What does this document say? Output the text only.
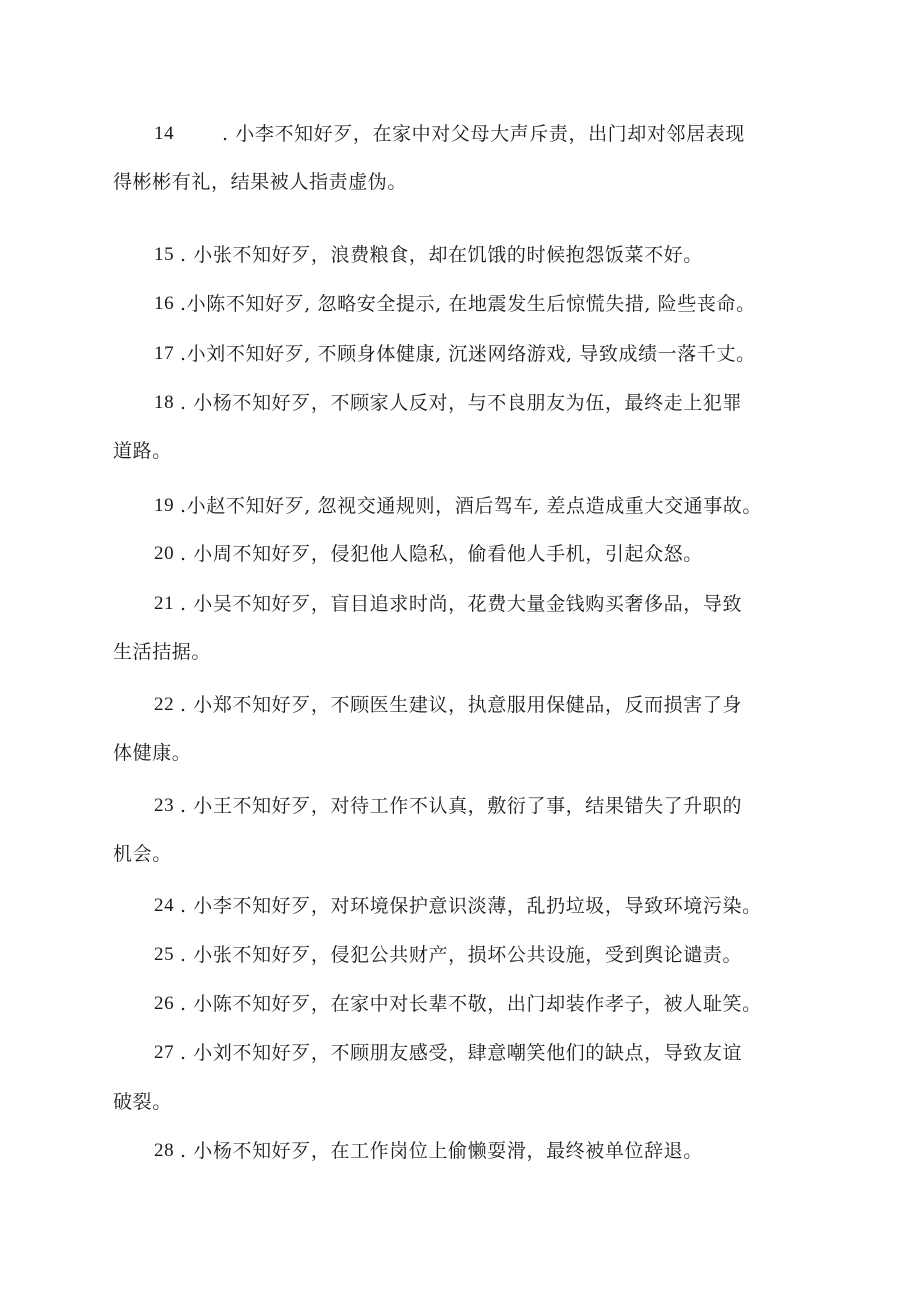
14	. 小李不知好歹，在家中对父母大声斥责，出门却对邻居表现
得彬彬有礼，结果被人指责虚伪。
15 . 小张不知好歹，浪费粮食，却在饥饿的时候抱怨饭菜不好。
16 .小陈不知好歹, 忽略安全提示, 在地震发生后惊慌失措, 险些丧命。
17 .小刘不知好歹, 不顾身体健康, 沉迷网络游戏, 导致成绩一落千丈。
18 . 小杨不知好歹，不顾家人反对，与不良朋友为伍，最终走上犯罪
道路。
19 .小赵不知好歹, 忽视交通规则，酒后驾车, 差点造成重大交通事故。
20 . 小周不知好歹，侵犯他人隐私，偷看他人手机，引起众怒。
21 . 小吴不知好歹，盲目追求时尚，花费大量金钱购买奢侈品，导致
生活拮据。
22 . 小郑不知好歹，不顾医生建议，执意服用保健品，反而损害了身
体健康。
23 . 小王不知好歹，对待工作不认真，敷衍了事，结果错失了升职的
机会。
24 . 小李不知好歹，对环境保护意识淡薄，乱扔垃圾，导致环境污染。
25 . 小张不知好歹，侵犯公共财产，损坏公共设施，受到舆论谴责。
26 . 小陈不知好歹，在家中对长辈不敬，出门却装作孝子，被人耻笑。
27 . 小刘不知好歹，不顾朋友感受，肆意嘲笑他们的缺点，导致友谊
破裂。
28 . 小杨不知好歹，在工作岗位上偷懒耍滑，最终被单位辞退。
